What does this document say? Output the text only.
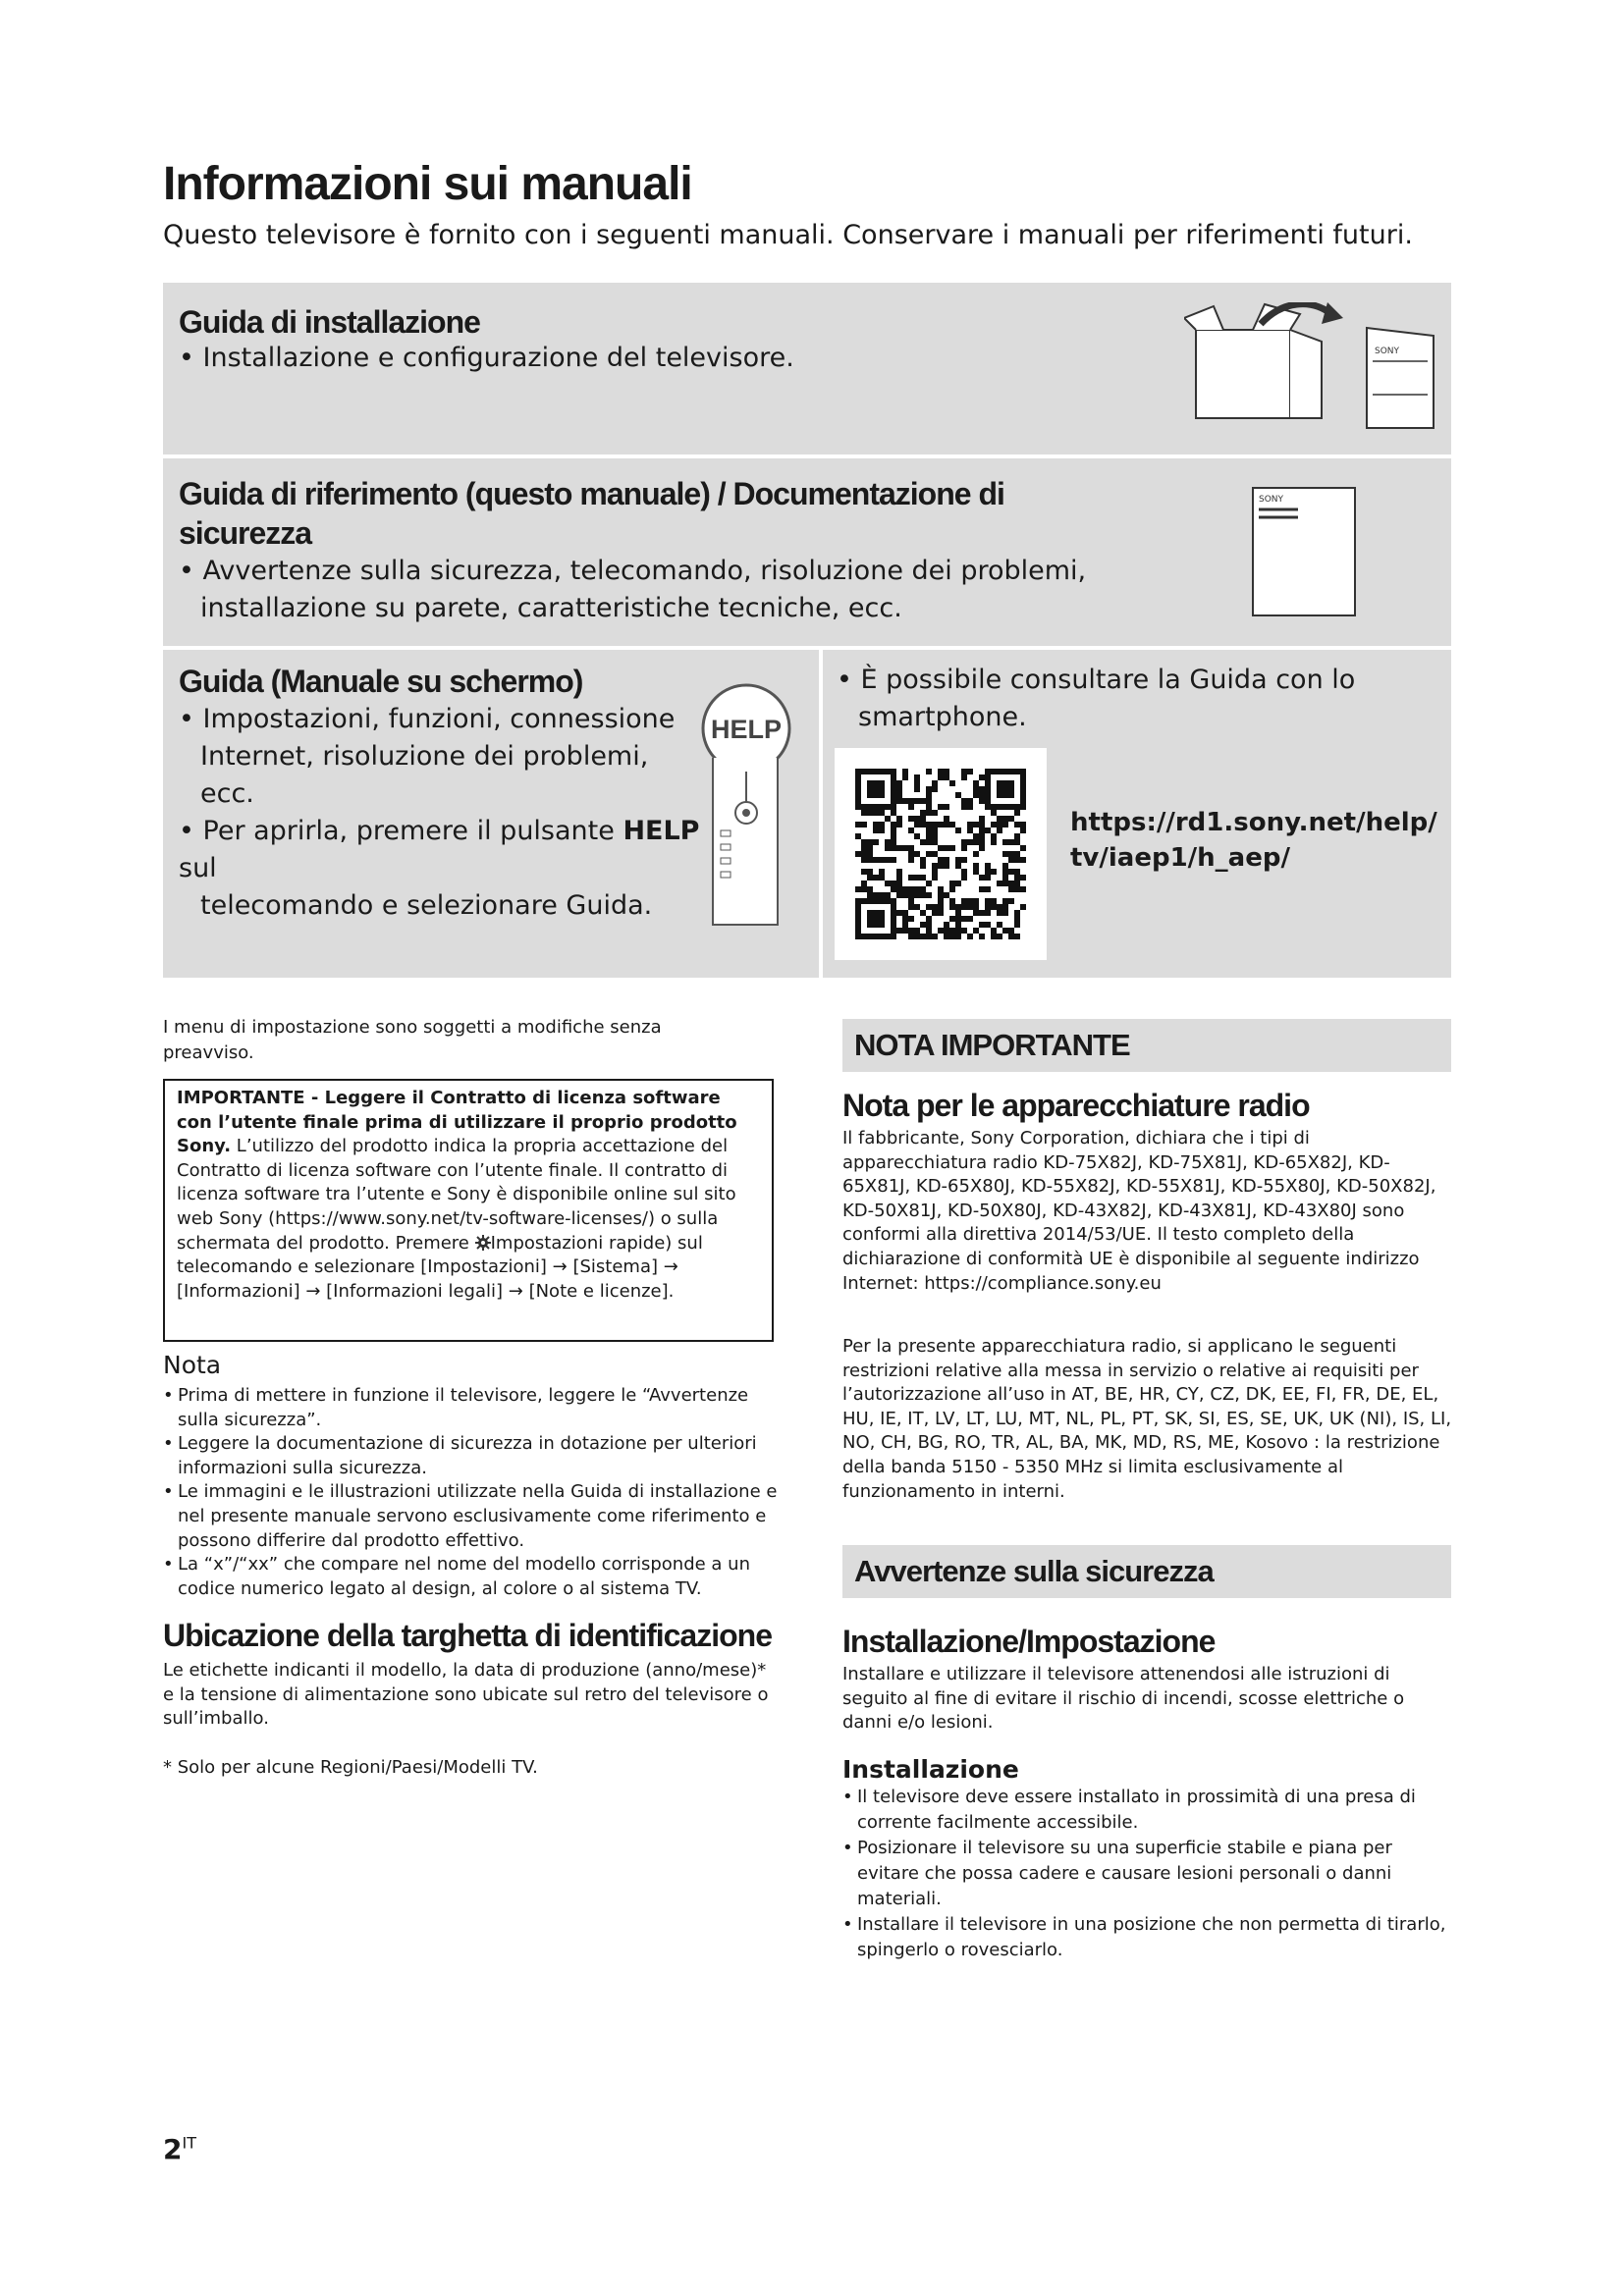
Informazioni sui manuali

Questo televisore è fornito con i seguenti manuali. Conservare i manuali per riferimenti futuri.

Guida di installazione

• Installazione e configurazione del televisore.	SONY
Guida di riferimento (questo manuale) / Documentazione di
sicurezza

• Avvertenze sulla sicurezza, telecomando, risoluzione dei problemi,
installazione su parete, caratteristiche tecniche, ecc.

SONY
Guida (Manuale su schermo)

• Impostazioni, funzioni, connessione
Internet, risoluzione dei problemi, ecc.
• Per aprirla, premere il pulsante HELP sul
telecomando e selezionare Guida.

HELP

• È possibile consultare la Guida con lo
smartphone.

https://rd1.sony.net/help/
tv/iaep1/h_aep/

I menu di impostazione sono soggetti a modifiche senza preavviso.

IMPORTANTE - Leggere il Contratto di licenza software con l’utente finale prima di utilizzare il proprio prodotto Sony. L’utilizzo del prodotto indica la propria accettazione del Contratto di licenza software con l’utente finale. Il contratto di licenza software tra l’utente e Sony è disponibile online sul sito web Sony (https://www.sony.net/tv-software-licenses/) o sulla schermata del prodotto. Premere Impostazioni rapide) sul telecomando e selezionare [Impostazioni] → [Sistema] → [Informazioni] → [Informazioni legali] → [Note e licenze].

Nota
• Prima di mettere in funzione il televisore, leggere le “Avvertenze sulla sicurezza”.
• Leggere la documentazione di sicurezza in dotazione per ulteriori informazioni sulla sicurezza.
• Le immagini e le illustrazioni utilizzate nella Guida di installazione e nel presente manuale servono esclusivamente come riferimento e possono differire dal prodotto effettivo.
• La “x”/“xx” che compare nel nome del modello corrisponde a un codice numerico legato al design, al colore o al sistema TV.
Ubicazione della targhetta di identificazione

Le etichette indicanti il modello, la data di produzione (anno/mese)* e la tensione di alimentazione sono ubicate sul retro del televisore o sull’imballo.

* Solo per alcune Regioni/Paesi/Modelli TV.

NOTA IMPORTANTE
Nota per le apparecchiature radio

Il fabbricante, Sony Corporation, dichiara che i tipi di apparecchiatura radio KD-75X82J, KD-75X81J, KD-65X82J, KD-65X81J, KD-65X80J, KD-55X82J, KD-55X81J, KD-55X80J, KD-50X82J, KD-50X81J, KD-50X80J, KD-43X82J, KD-43X81J, KD-43X80J sono conformi alla direttiva 2014/53/UE. Il testo completo della dichiarazione di conformità UE è disponibile al seguente indirizzo Internet: https://compliance.sony.eu

Per la presente apparecchiatura radio, si applicano le seguenti restrizioni relative alla messa in servizio o relative ai requisiti per l’autorizzazione all’uso in AT, BE, HR, CY, CZ, DK, EE, FI, FR, DE, EL, HU, IE, IT, LV, LT, LU, MT, NL, PL, PT, SK, SI, ES, SE, UK, UK (NI), IS, LI, NO, CH, BG, RO, TR, AL, BA, MK, MD, RS, ME, Kosovo : la restrizione della banda 5150 - 5350 MHz si limita esclusivamente al funzionamento in interni.

Avvertenze sulla sicurezza
Installazione/Impostazione

Installare e utilizzare il televisore attenendosi alle istruzioni di seguito al fine di evitare il rischio di incendi, scosse elettriche o danni e/o lesioni.

Installazione
• Il televisore deve essere installato in prossimità di una presa di corrente facilmente accessibile.
• Posizionare il televisore su una superficie stabile e piana per evitare che possa cadere e causare lesioni personali o danni materiali.
• Installare il televisore in una posizione che non permetta di tirarlo, spingerlo o rovesciarlo.

$2^{IT}$
